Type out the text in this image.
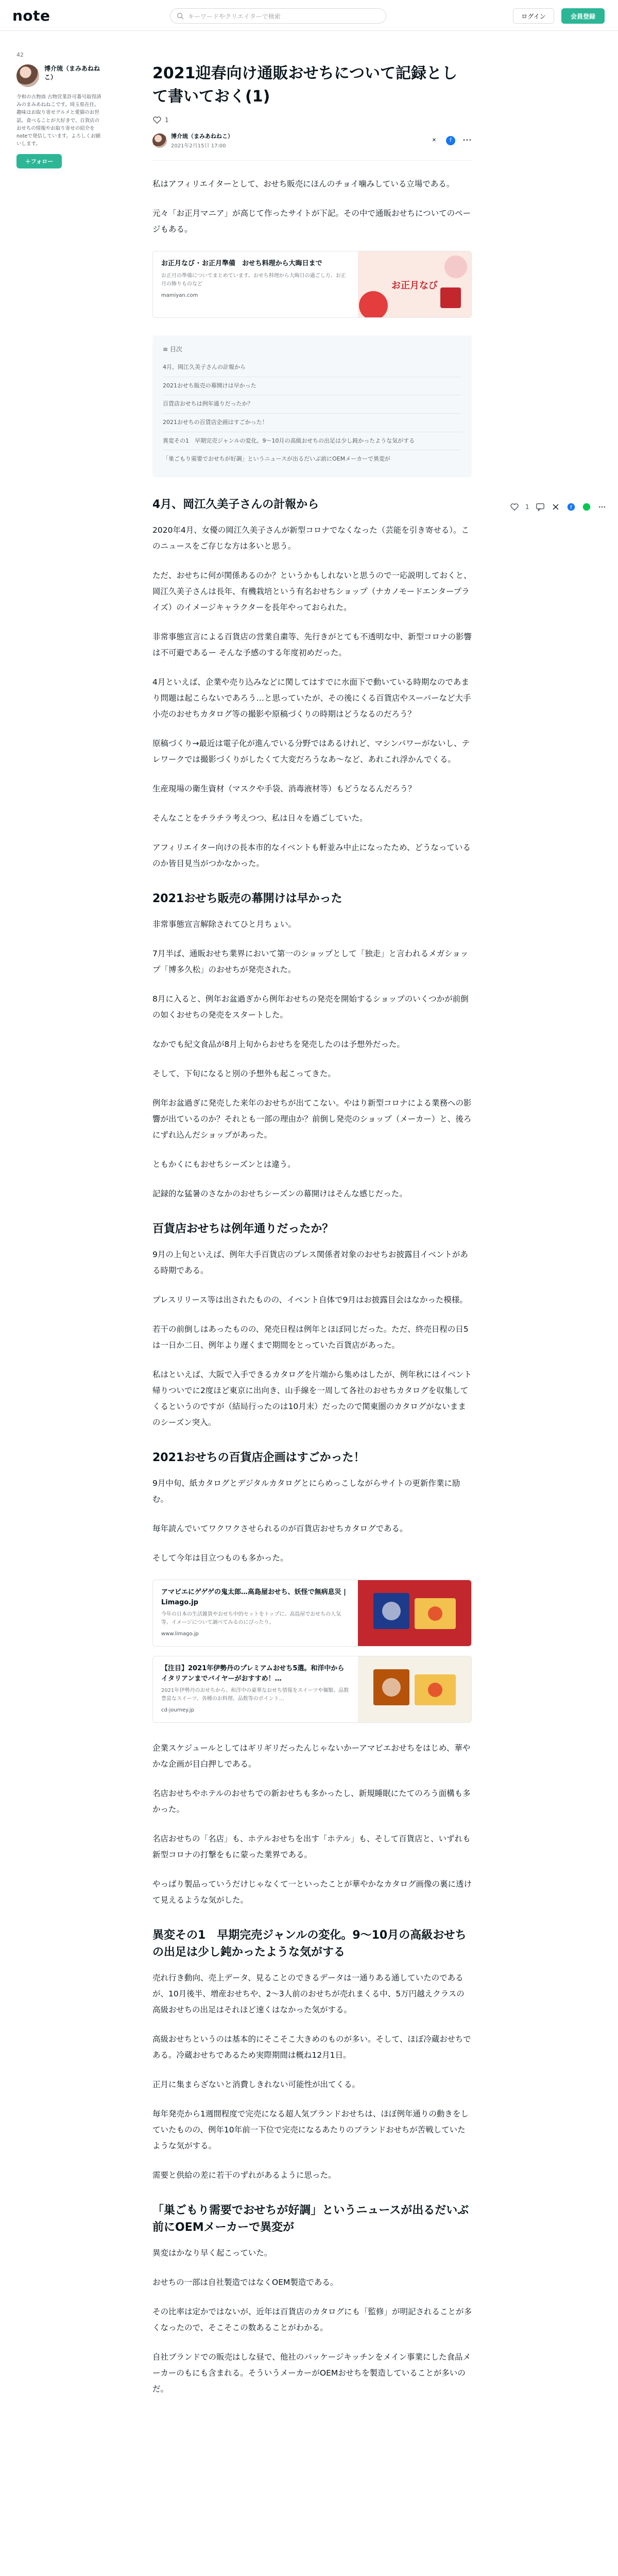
note	キーワードやクリエイターで検索	ログイン	会員登録
42
博介琉（まみあねねこ）
令和の古物商 古物営業許可番号取得済みのまみあねねこです。埼玉県在住。趣味はお取り寄せグルメと愛猫のお世話。食べることが大好きで、百貨店のおせちの情報やお取り寄せの紹介をnoteで発信しています。よろしくお願いします。
＋ フォロー
1	f
2021迎春向け通販おせちについて記録として書いておく(1)
1
博介琉（まみあねねこ）
2021年2月15日 17:00
✕	f	•••

私はアフィリエイターとして、おせち販売にほんのチョイ噛みしている立場である。

元々「お正月マニア」が高じて作ったサイトが下記。その中で通販おせちについてのページもある。

お正月なび · お正月準備　おせち料理から大晦日まで
お正月の準備についてまとめています。おせち料理から大晦日の過ごし方、お正月の飾りものなど
mamiyan.com
お正月なび
≡ 目次
4月、岡江久美子さんの計報から
2021おせち販売の幕開けは早かった
百貨店おせちは例年通りだったか？
2021おせちの百貨店企画はすごかった！
異変その1　早期完売ジャンルの変化。9〜10月の高級おせちの出足は少し鈍かったような気がする
「巣ごもり需要でおせちが好調」というニュースが出るだいぶ前にOEMメーカーで異変が
4月、岡江久美子さんの計報から

2020年4月、女優の岡江久美子さんが新型コロナでなくなった（芸能を引き寄せる）。このニュースをご存じな方は多いと思う。

ただ、おせちに何が関係あるのか？というかもしれないと思うので一応説明しておくと、岡江久美子さんは長年、有機栽培という有名おせちショップ（ナカノモードエンタープライズ）のイメージキャラクターを長年やっておられた。

非常事態宣言による百貨店の営業自粛等、先行きがとても不透明な中、新型コロナの影響は不可避であるー そんな予感のする年度初めだった。

4月といえば、企業や売り込みなどに関してはすでに水面下で動いている時期なのであまり問題は起こらないであろう…と思っていたが、その後にくる百貨店やスーパーなど大手小売のおせちカタログ等の撮影や原稿づくりの時期はどうなるのだろう？

原稿づくり→最近は電子化が進んでいる分野ではあるけれど、マシンパワーがないし、テレワークでは撮影づくりがしたくて大変だろうなあ〜など、あれこれ浮かんでくる。

生産現場の衛生資材（マスクや手袋、消毒液材等）もどうなるんだろう？

そんなことをチラチラ考えつつ、私は日々を過ごしていた。

アフィリエイター向けの長本市的なイベントも軒並み中止になったため、どうなっているのか皆目見当がつかなかった。

2021おせち販売の幕開けは早かった

非常事態宣言解除されてひと月ちょい。

7月半ば、通販おせち業界において第一のショップとして「独走」と言われるメガショップ「博多久松」のおせちが発売された。

8月に入ると、例年お盆過ぎから例年おせちの発売を開始するショップのいくつかが前倒の如くおせちの発売をスタートした。

なかでも紀文食品が8月上旬からおせちを発売したのは予想外だった。

そして、下旬になると別の予想外も起こってきた。

例年お盆過ぎに発売した来年のおせちが出てこない。やはり新型コロナによる業務への影響が出ているのか？それとも一部の理由か？前倒し発売のショップ（メーカー）と、後ろにずれ込んだショップがあった。

ともかくにもおせちシーズンとは違う。

記録的な猛暑のさなかのおせちシーズンの幕開けはそんな感じだった。

百貨店おせちは例年通りだったか？

9月の上旬といえば、例年大手百貨店のプレス関係者対象のおせちお披露目イベントがある時期である。

プレスリリース等は出されたものの、イベント自体で9月はお披露目会はなかった模様。

若干の前倒しはあったものの、発売日程は例年とほぼ同じだった。ただ、終売日程の日5は一日か二日、例年より遅くまで期間をとっていた百貨店があった。

私はといえば、大阪で入手できるカタログを片端から集めはしたが、例年秋にはイベント帰りついでに2度ほど東京に出向き、山手線を一周して各社のおせちカタログを収集してくるというのですが（結局行ったのは10月末）だったので関東圏のカタログがないままのシーズン突入。

2021おせちの百貨店企画はすごかった！

9月中旬、紙カタログとデジタルカタログとにらめっこしながらサイトの更新作業に励む。

毎年読んでいてワクワクさせられるのが百貨店おせちカタログである。

そして今年は目立つものも多かった。

アマビエにゲゲゲの鬼太郎…高島屋おせち、妖怪で無病息災 | Limago.jp
今年の日本の生活雑貨やおせち中的セットをトップに、高島屋でおせちの人気等、イメージについて調べてみるのにぴったり。
www.limago.jp
【注目】2021年伊勢丹のプレミアムおせち5選。和洋中からイタリアンまでバイヤーがおすすめ！…
2021年伊勢丹のおせちから、和洋中の豪華なおせち情報をスイーツや麺類、品数豊富なスイーツ、各種のお料理、品数等のポイント…
cd-journey.jp

企業スケジュールとしてはギリギリだったんじゃないかーアマビエおせちをはじめ、華やかな企画が目白押しである。

名店おせちやホテルのおせちでの新おせちも多かったし、新規睡眠にたてのろう面構も多かった。

名店おせちの「名店」も、ホテルおせちを出す「ホテル」も、そして百貨店と、いずれも新型コロナの打撃をもに蒙った業界である。

やっぱり製品っていうだけじゃなくて一といったことが華やかなカタログ画像の裏に透けて見えるような気がした。

異変その1　早期完売ジャンルの変化。9〜10月の高級おせちの出足は少し鈍かったような気がする

売れ行き動向、売上データ、見ることのできるデータは一通りある通していたのであるが、10月後半、増産おせちや、2〜3人前のおせちが売れまくる中、5万円越えクラスの高級おせちの出足はそれほど速くはなかった気がする。

高級おせちというのは基本的にそこそこ大きめのものが多い。そして、ほぼ冷蔵おせちである。冷蔵おせちであるため実際期間は概ね12月1日。

正月に集まらざないと消費しきれない可能性が出てくる。

毎年発売から1週間程度で完売になる超人気ブランドおせちは、ほぼ例年通りの動きをしていたものの、例年10年前一下位で完売になるあたりのブランドおせちが苦戦していたような気がする。

需要と供給の差に若干のずれがあるように思った。

「巣ごもり需要でおせちが好調」というニュースが出るだいぶ前にOEMメーカーで異変が

異変はかなり早く起こっていた。

おせちの一部は自社製造ではなくOEM製造である。

その比率は定かではないが、近年は百貨店のカタログにも「監修」が明記されることが多くなったので、そこそこの数あることがわかる。

自社ブランドでの販売はしな昼で、他社のパッケージキッチンをメイン事業にした食品メーカーのもにも含まれる。そういうメーカーがOEMおせちを製造していることが多いのだ。
